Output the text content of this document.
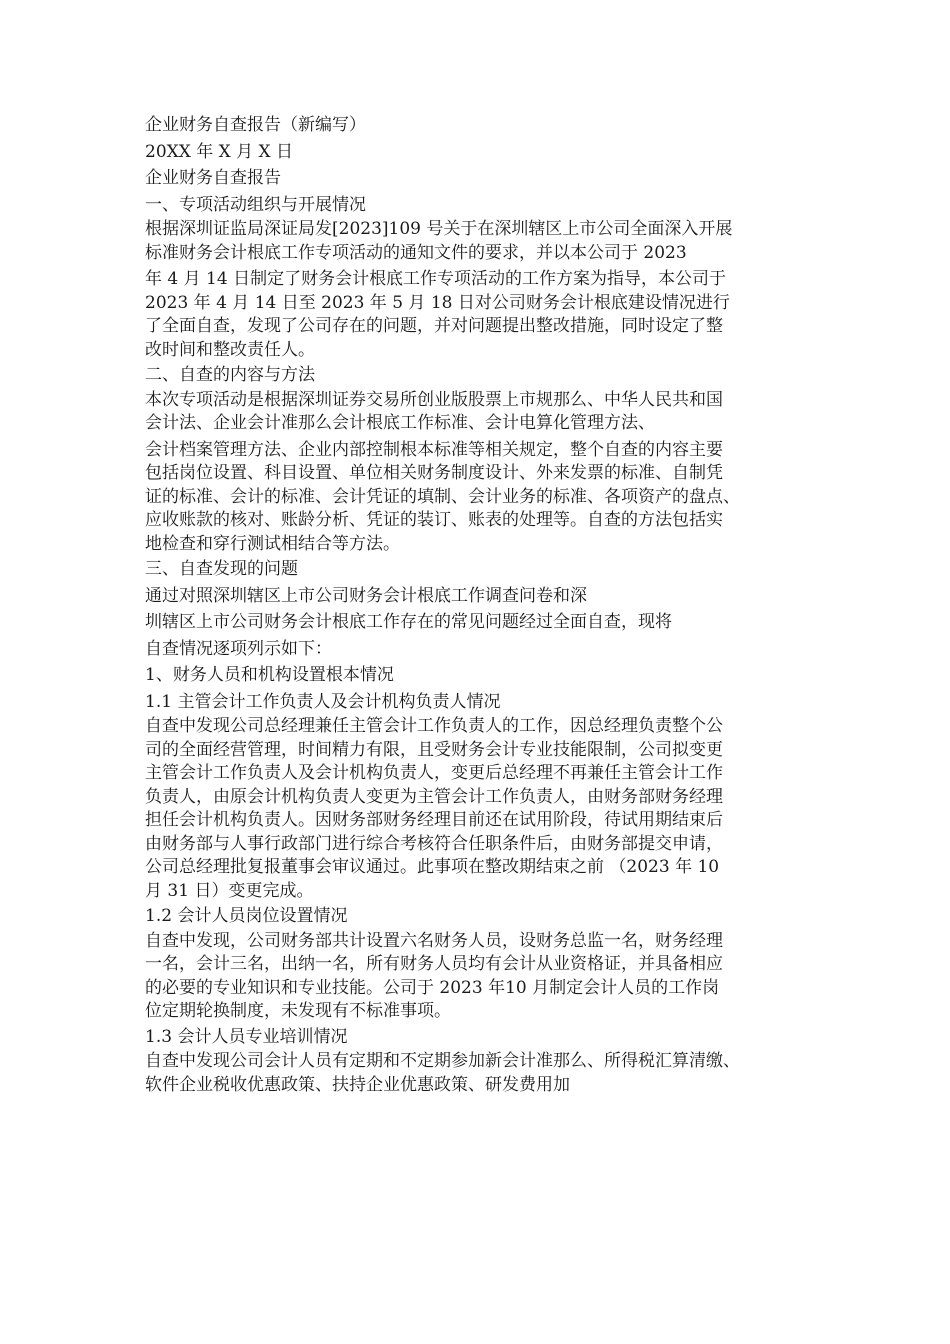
企业财务自查报告（新编写）
20XX 年 X 月 X 日
企业财务自查报告
一、专项活动组织与开展情况
根据深圳证监局深证局发[2023]109 号关于在深圳辖区上市公司全面深入开展
标准财务会计根底工作专项活动的通知文件的要求，并以本公司于 2023
年 4 月 14 日制定了财务会计根底工作专项活动的工作方案为指导，本公司于
2023 年 4 月 14 日至 2023 年 5 月 18 日对公司财务会计根底建设情况进行
了全面自查，发现了公司存在的问题，并对问题提出整改措施，同时设定了整
改时间和整改责任人。
二、自查的内容与方法
本次专项活动是根据深圳证券交易所创业版股票上市规那么、中华人民共和国
会计法、企业会计准那么会计根底工作标准、会计电算化管理方法、
会计档案管理方法、企业内部控制根本标准等相关规定，整个自查的内容主要
包括岗位设置、科目设置、单位相关财务制度设计、外来发票的标准、自制凭
证的标准、会计的标准、会计凭证的填制、会计业务的标准、各项资产的盘点、
应收账款的核对、账龄分析、凭证的装订、账表的处理等。自查的方法包括实
地检查和穿行测试相结合等方法。
三、自查发现的问题
通过对照深圳辖区上市公司财务会计根底工作调查问卷和深
圳辖区上市公司财务会计根底工作存在的常见问题经过全面自查，现将
自查情况逐项列示如下：
1、财务人员和机构设置根本情况
1.1 主管会计工作负责人及会计机构负责人情况
自查中发现公司总经理兼任主管会计工作负责人的工作，因总经理负责整个公
司的全面经营管理，时间精力有限，且受财务会计专业技能限制，公司拟变更
主管会计工作负责人及会计机构负责人，变更后总经理不再兼任主管会计工作
负责人，由原会计机构负责人变更为主管会计工作负责人，由财务部财务经理
担任会计机构负责人。因财务部财务经理目前还在试用阶段，待试用期结束后
由财务部与人事行政部门进行综合考核符合任职条件后，由财务部提交申请，
公司总经理批复报董事会审议通过。此事项在整改期结束之前 （2023 年 10
月 31 日）变更完成。
1.2 会计人员岗位设置情况
自查中发现，公司财务部共计设置六名财务人员，设财务总监一名，财务经理
一名，会计三名，出纳一名，所有财务人员均有会计从业资格证，并具备相应
的必要的专业知识和专业技能。公司于 2023 年10 月制定会计人员的工作岗
位定期轮换制度，未发现有不标准事项。
1.3 会计人员专业培训情况
自查中发现公司会计人员有定期和不定期参加新会计准那么、所得税汇算清缴、
软件企业税收优惠政策、扶持企业优惠政策、研发费用加
